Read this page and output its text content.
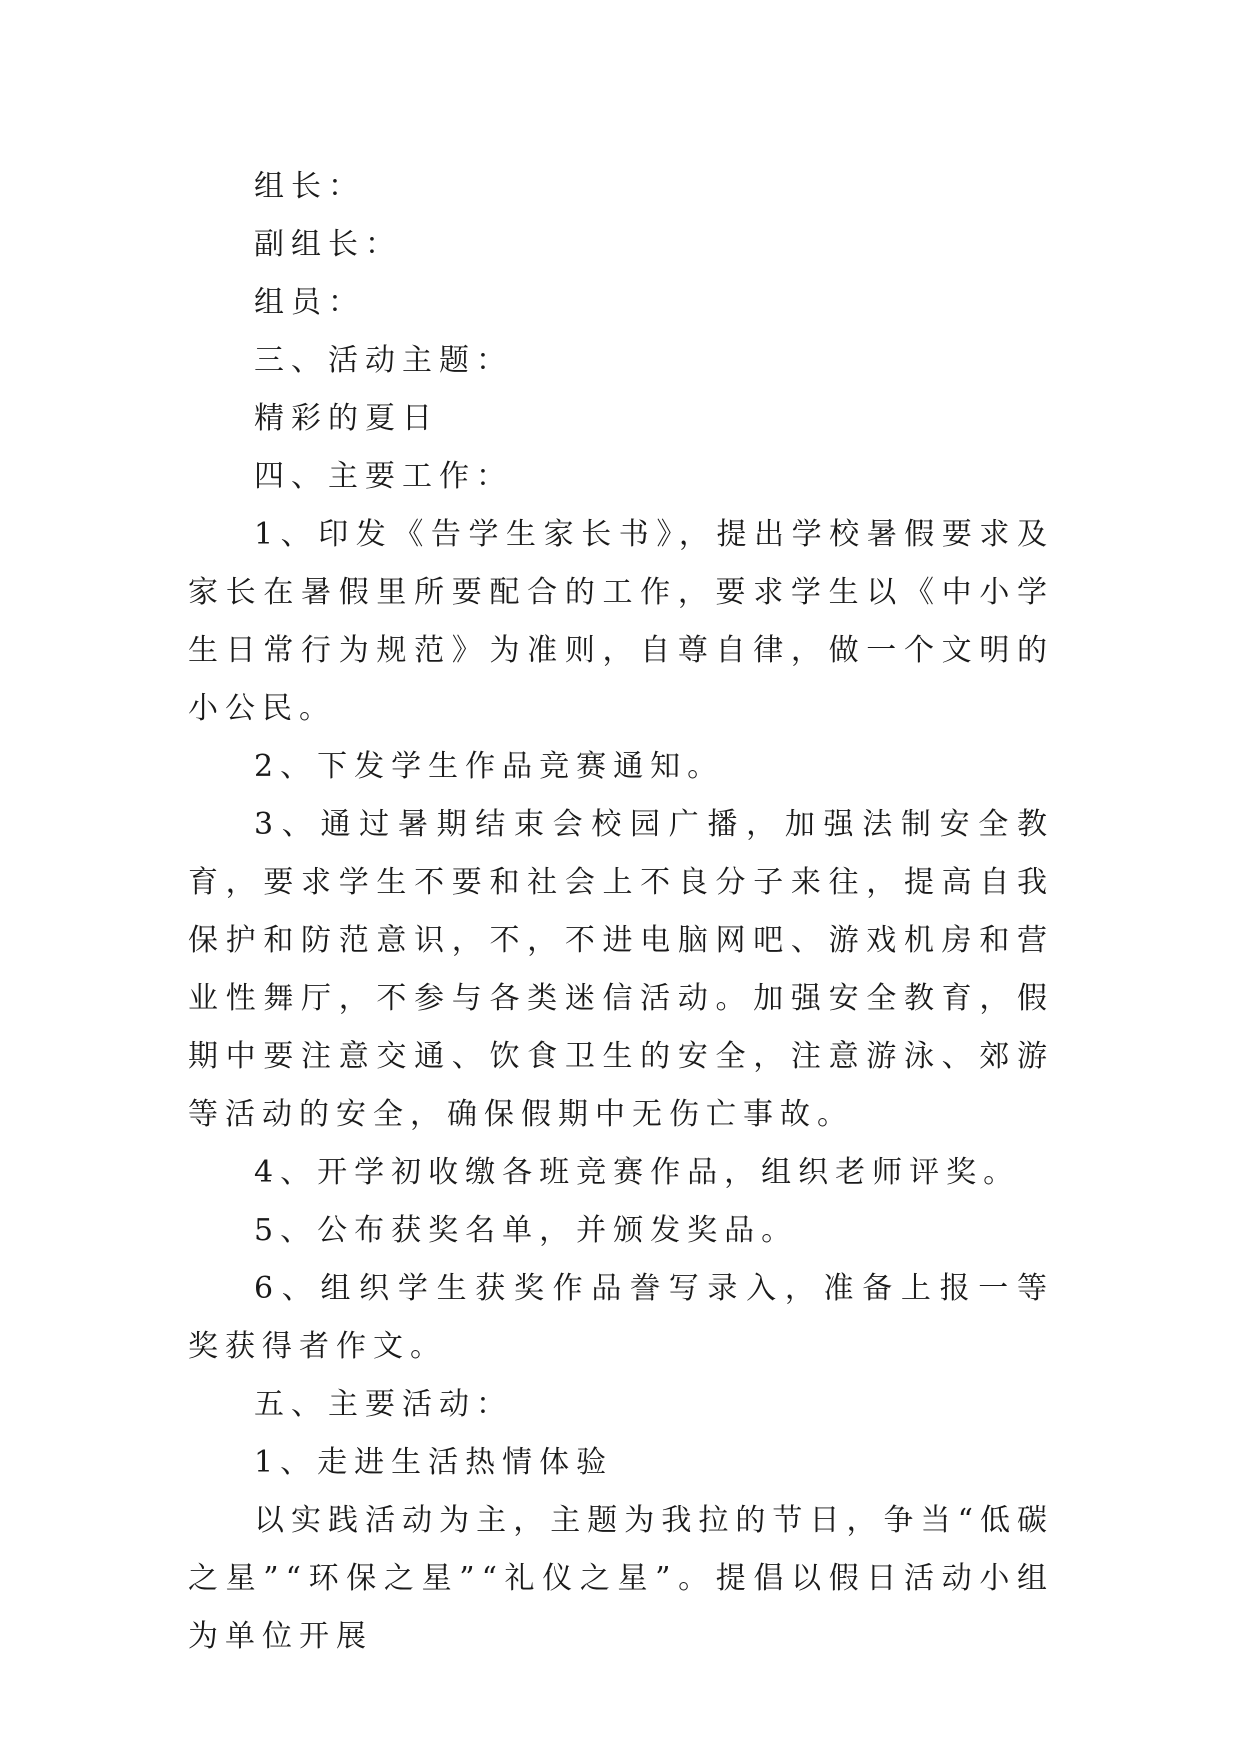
组长：

副组长：

组员：

三、活动主题：

精彩的夏日

四、主要工作：

1、印发《告学生家长书》，提出学校暑假要求及家长在暑假里所要配合的工作，要求学生以《中小学生日常行为规范》为准则，自尊自律，做一个文明的小公民。

2、下发学生作品竞赛通知。

3、通过暑期结束会校园广播，加强法制安全教育，要求学生不要和社会上不良分子来往，提高自我保护和防范意识，不，不进电脑网吧、游戏机房和营业性舞厅，不参与各类迷信活动。加强安全教育，假期中要注意交通、饮食卫生的安全，注意游泳、郊游等活动的安全，确保假期中无伤亡事故。

4、开学初收缴各班竞赛作品，组织老师评奖。

5、公布获奖名单，并颁发奖品。

6、组织学生获奖作品誊写录入，准备上报一等奖获得者作文。

五、主要活动：

1、走进生活热情体验

以实践活动为主，主题为我拉的节日，争当“低碳之星”“环保之星”“礼仪之星”。提倡以假日活动小组为单位开展
